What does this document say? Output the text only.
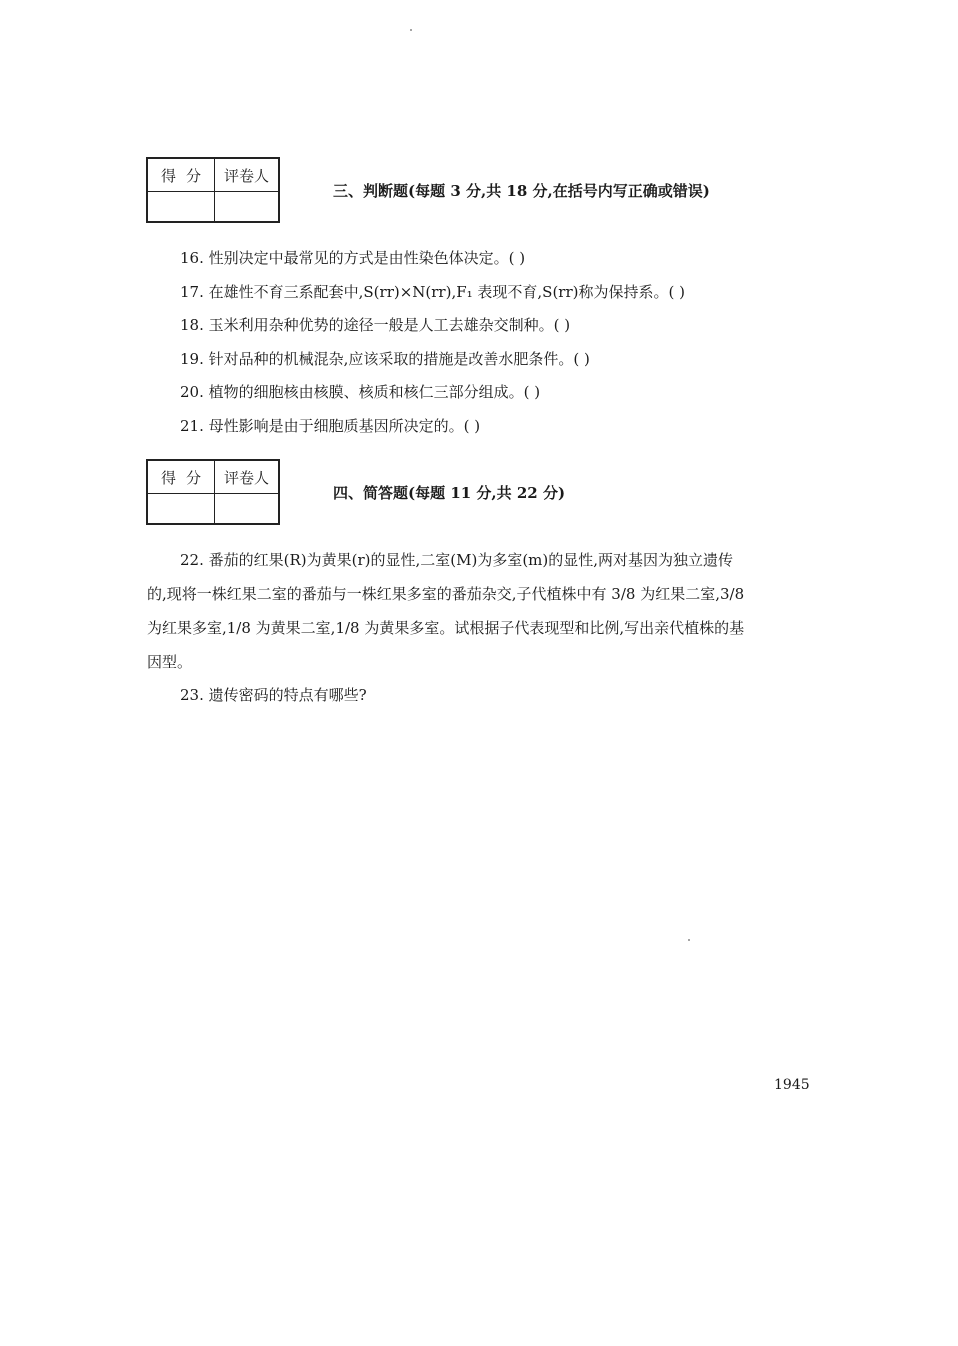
得分 评卷人
三、判断题(每题 3 分,共 18 分,在括号内写正确或错误)
16. 性别决定中最常见的方式是由性染色体决定。( )
17. 在雄性不育三系配套中,S(rr)×N(rr),F₁ 表现不育,S(rr)称为保持系。( )
18. 玉米利用杂种优势的途径一般是人工去雄杂交制种。( )
19. 针对品种的机械混杂,应该采取的措施是改善水肥条件。( )
20. 植物的细胞核由核膜、核质和核仁三部分组成。( )
21. 母性影响是由于细胞质基因所决定的。( )
得分 评卷人
四、简答题(每题 11 分,共 22 分)
22. 番茄的红果(R)为黄果(r)的显性,二室(M)为多室(m)的显性,两对基因为独立遗传
的,现将一株红果二室的番茄与一株红果多室的番茄杂交,子代植株中有 3/8 为红果二室,3/8
为红果多室,1/8 为黄果二室,1/8 为黄果多室。试根据子代表现型和比例,写出亲代植株的基
因型。
23. 遗传密码的特点有哪些?
1945
